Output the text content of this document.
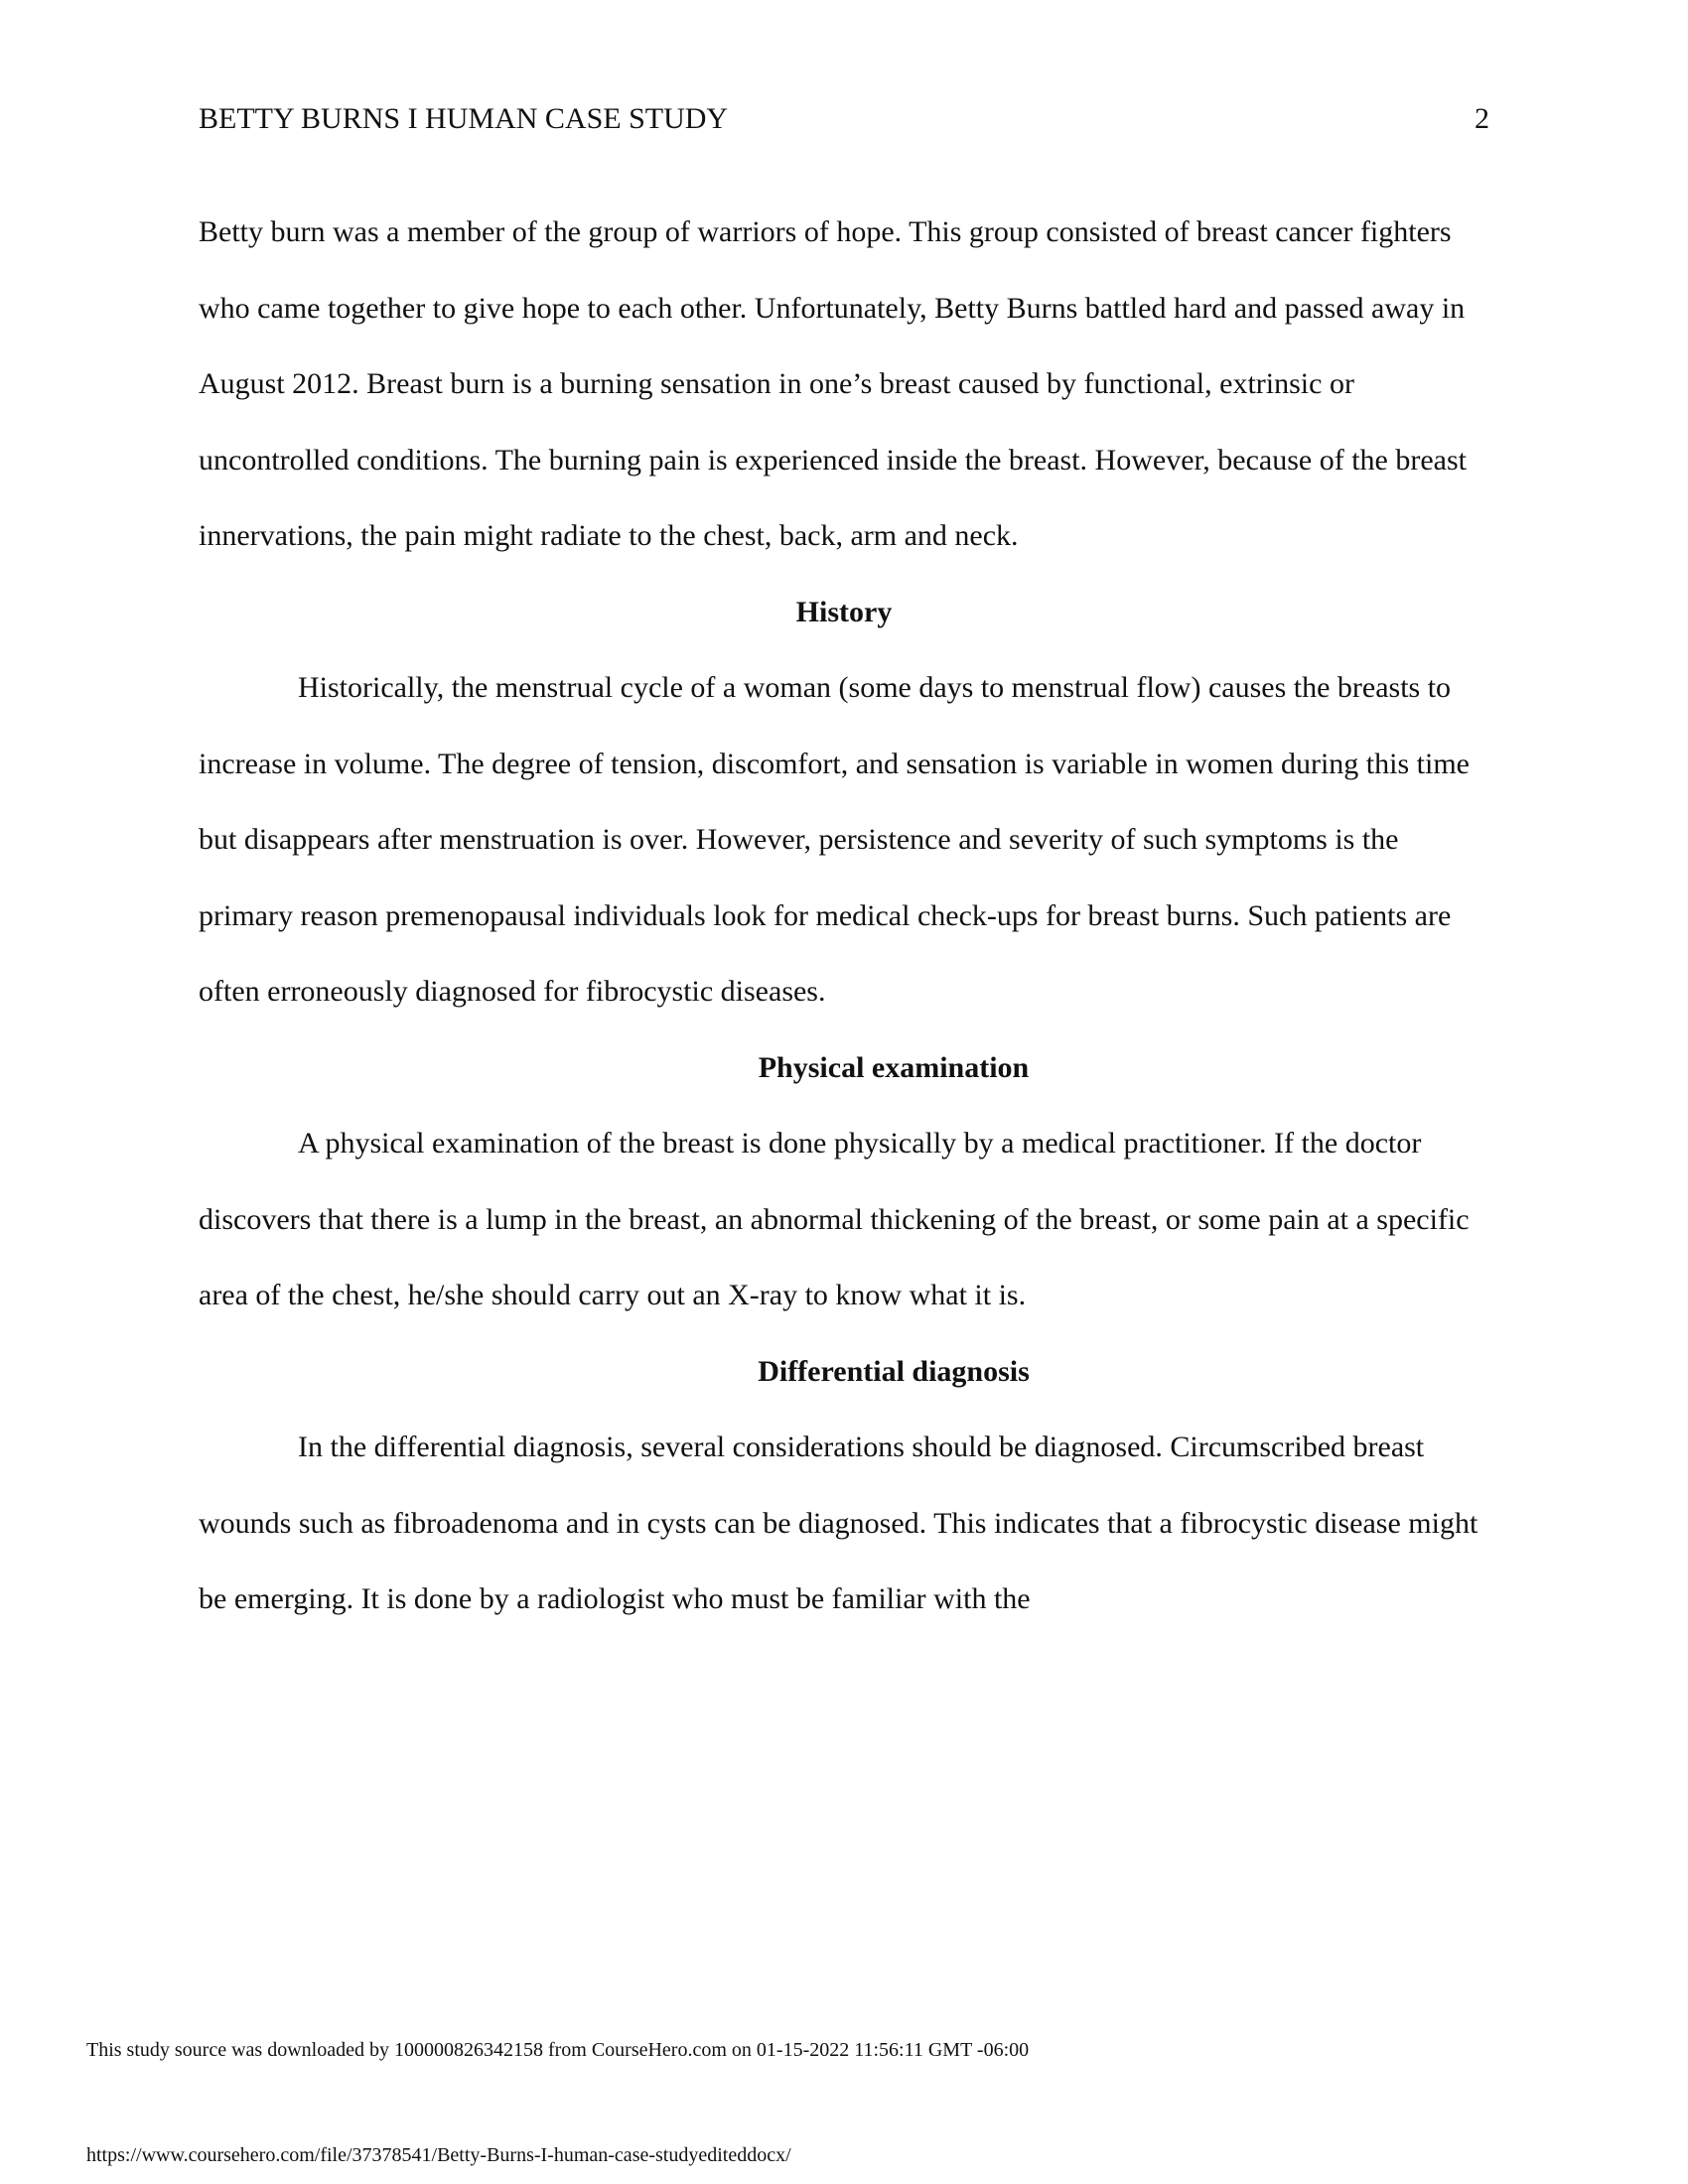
BETTY BURNS I HUMAN CASE STUDY	2

Betty burn was a member of the group of warriors of hope. This group consisted of breast cancer fighters who came together to give hope to each other. Unfortunately, Betty Burns battled hard and passed away in August 2012. Breast burn is a burning sensation in one’s breast caused by functional, extrinsic or uncontrolled conditions. The burning pain is experienced inside the breast. However, because of the breast innervations, the pain might radiate to the chest, back, arm and neck.

History

Historically, the menstrual cycle of a woman (some days to menstrual flow) causes the breasts to increase in volume. The degree of tension, discomfort, and sensation is variable in women during this time but disappears after menstruation is over. However, persistence and severity of such symptoms is the primary reason premenopausal individuals look for medical check-ups for breast burns. Such patients are often erroneously diagnosed for fibrocystic diseases.

Physical examination

A physical examination of the breast is done physically by a medical practitioner. If the doctor discovers that there is a lump in the breast, an abnormal thickening of the breast, or some pain at a specific area of the chest, he/she should carry out an X-ray to know what it is.

Differential diagnosis

In the differential diagnosis, several considerations should be diagnosed. Circumscribed breast wounds such as fibroadenoma and in cysts can be diagnosed. This indicates that a fibrocystic disease might be emerging. It is done by a radiologist who must be familiar with the

This study source was downloaded by 100000826342158 from CourseHero.com on 01-15-2022 11:56:11 GMT -06:00
https://www.coursehero.com/file/37378541/Betty-Burns-I-human-case-studyediteddocx/
